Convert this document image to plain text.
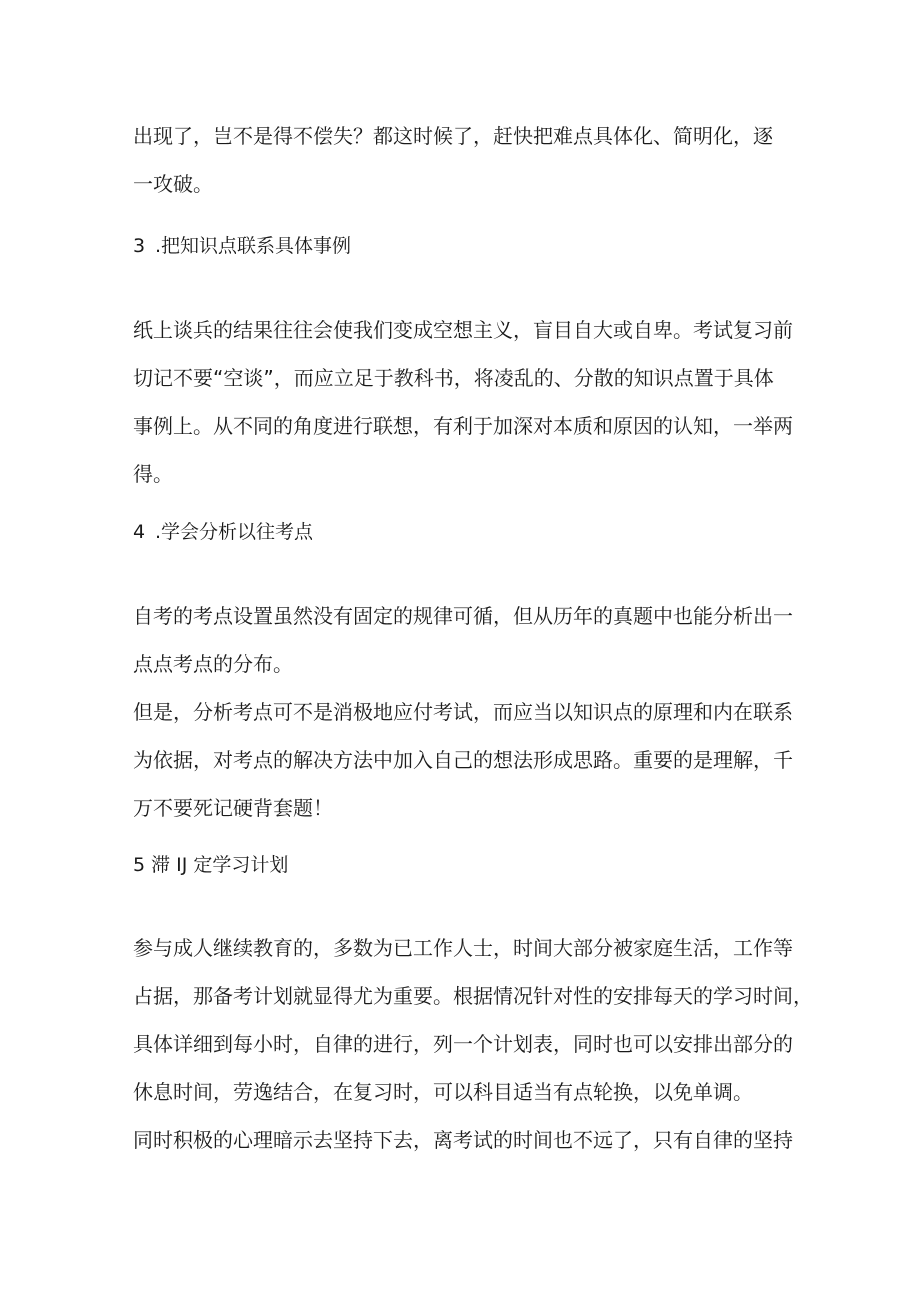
出现了，岂不是得不偿失？都这时候了，赶快把难点具体化、简明化，逐
一攻破。
3 .把知识点联系具体事例
纸上谈兵的结果往往会使我们变成空想主义，盲目自大或自卑。考试复习前
切记不要“空谈”，而应立足于教科书，将凌乱的、分散的知识点置于具体
事例上。从不同的角度进行联想，有利于加深对本质和原因的认知，一举两
得。
4 .学会分析以往考点
自考的考点设置虽然没有固定的规律可循，但从历年的真题中也能分析出一
点点考点的分布。
但是，分析考点可不是消极地应付考试，而应当以知识点的原理和内在联系
为依据，对考点的解决方法中加入自己的想法形成思路。重要的是理解，千
万不要死记硬背套题！
5 滞 IJ 定学习计划
参与成人继续教育的，多数为已工作人士，时间大部分被家庭生活，工作等
占据，那备考计划就显得尤为重要。根据情况针对性的安排每天的学习时间，
具体详细到每小时，自律的进行，列一个计划表，同时也可以安排出部分的
休息时间，劳逸结合，在复习时，可以科目适当有点轮换，以免单调。
同时积极的心理暗示去坚持下去，离考试的时间也不远了，只有自律的坚持
